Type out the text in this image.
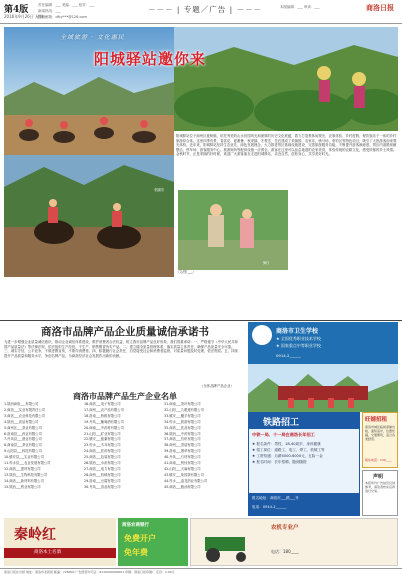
第4版
2016年9月26日 星期一
责任编辑：___ 美编：___ 校对：___
新闻热线：___
投稿邮箱：dfcy***@126.com
－－－ | 专题／广告 | －－－	本版编辑：___ 审读：___	商洛日报
采摘园
全域旅游 · 文化惠民
阳城驿站邀你来
阳城驿站位于商州区板桥镇，依托秀美的山水田园风光和深厚的历史文化底蕴，着力打造集休闲观光、农事体验、乡村度假、餐饮娱乐于一体的乡村旅游综合体。这里四季有景，春赏花、夏避暑、秋采摘、冬观雪，先后建成了采摘园、农家乐、骑马场、垂钓区等特色项目，吸引了大批游客前来观光体验。近年来，阳城驿站坚持生态优先、绿色发展理念，大力推进景区基础设施建设，完善旅游服务功能，不断提升游客满意度。景区内道路宽敞整洁，停车场、游客服务中心、旅游厕所等配套设施一应俱全。游客在这里可以品尝地道的农家美食，体验传统的农耕文化，感受浓郁的乡土风情。金秋时节，正是采摘的好时候，欢迎广大游客朋友走进阳城驿站，亲近自然，放松身心，共享美好时光。
骑行
（文/图 ___）
商洛市品牌产品企业质量诚信承诺书
为进一步增强企业质量诚信意识，推动企业诚信体系建设，维护消费者合法权益，树立我市品牌产品良好形象，我们郑重承诺：一、严格遵守《中华人民共和国产品质量法》等法律法规，依法组织生产经营，不生产、销售假冒伪劣产品。二、建立健全质量管理体系，落实质量主体责任，确保产品质量安全可靠。三、诚实守信，公平竞争，不做虚假宣传，不欺诈消费者。四、积极履行社会责任，自觉接受社会和消费者监督，对质量问题及时处理、依法赔偿。五、持续提升产品质量和服务水平，争创名牌产品，为商洛经济社会发展作出新的贡献。
（全体品牌产品企业）
商洛市品牌产品生产企业名单
1.陕西商洛___有限公司
2.商洛___实业有限责任公司
3.商洛___农业科技有限公司
4.陕西___食品有限公司
5.商州区___茶业有限公司
6.洛南县___药业有限公司
7.丹凤县___酒业有限公司
8.商南县___茶业有限公司
9.山阳县___科技有限公司
10.镇安县___实业有限公司
11.柞水县___农业发展有限公司
12.商洛___建材有限公司
13.陕西___生物科技有限公司
14.商洛___新材料有限公司
15.陕西___钒业有限公司
16.商洛___电子有限公司
17.商州___农产品有限公司
18.洛南___核桃有限公司
19.丹凤___葡萄酒有限公司
20.商南___中药材有限公司
21.山阳___矿业有限公司
22.镇安___板栗有限公司
23.柞水___木耳有限公司
24.商洛___医药有限公司
25.商洛___包装有限公司
26.陕西___水泥有限公司
27.商洛___电力有限公司
28.商州___机械有限公司
29.洛南___豆腐有限公司
30.丹凤___食品有限公司
31.商南___茶叶有限公司
32.山阳___九眼莲有限公司
33.镇安___魔芋有限公司
34.柞水___旅游有限公司
35.商洛___饮品有限公司
36.陕西___中药有限公司
37.商洛___纺织有限公司
38.商州___香菇有限公司
39.洛南___烟草有限公司
40.丹凤___石材有限公司
41.商南___钒钛有限公司
42.山阳___天麻有限公司
43.镇安___象园茶有限公司
44.柞水___盘龙药业有限公司
45.商洛___粮油有限公司
商洛市卫生学校
★ 全国优秀职业技术学校
★ 国家重点中等职业学校
0914-2______
铁路招工
中铁一局、十一局在商洛长年招工
★ 报名条件：男性，18-40周岁，身体健康
★ 招工岗位：道路工、电工、焊工、机械工等
★ 工资待遇：月薪4000-6000元，五险一金
★ 报名时间：长年招聘，随到随报
报名地址：商洛市___路___号
电话：0914-2______
旺铺招租
商洛市城区临街商铺出租，面积适中，位置优越，交通便利，适合各类经营。
联系电话：139____
声明
本报所刊广告信息仅供参考，请读者核实后再进行交易。
秦岭红
商洛本土名酒
商洛农商银行
免费开户
免年费
农机专业户
电话：180____
商洛日报社出版 地址：商洛市北新街 邮编：726000 广告经营许可证：6110004000001 印刷：商洛日报印刷厂 定价：1.00元
